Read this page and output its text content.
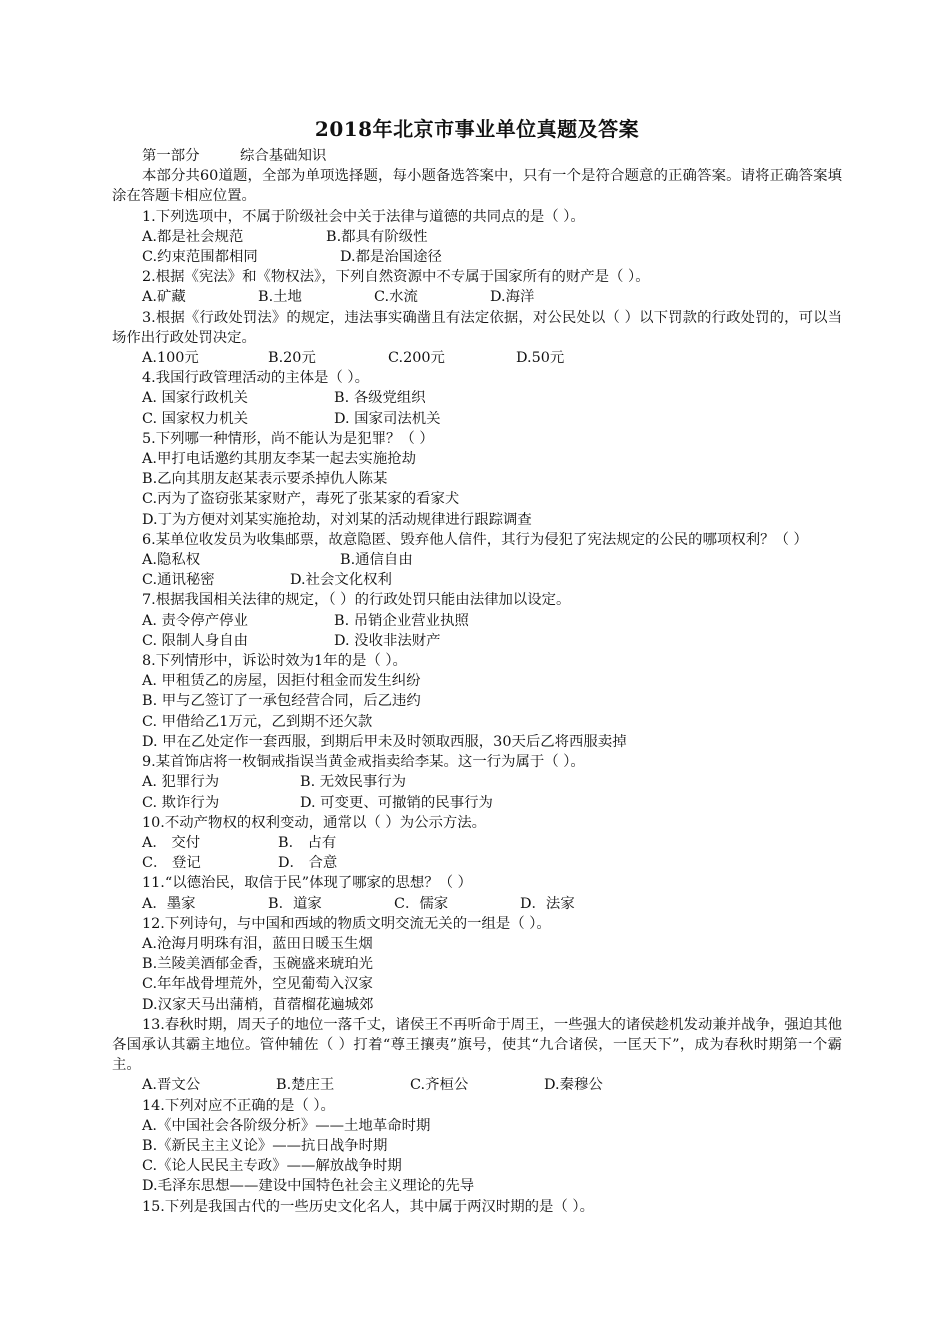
2018年北京市事业单位真题及答案
第一部分	综合基础知识
本部分共60道题，全部为单项选择题，每小题备选答案中，只有一个是符合题意的正确答案。请将正确答案填涂在答题卡相应位置。
1.下列选项中，不属于阶级社会中关于法律与道德的共同点的是（ ）。
A.都是社会规范	B.都具有阶级性
C.约束范围都相同	D.都是治国途径
2.根据《宪法》和《物权法》，下列自然资源中不专属于国家所有的财产是（ ）。
A.矿藏	B.土地	C.水流	D.海洋
3.根据《行政处罚法》的规定，违法事实确凿且有法定依据，对公民处以（ ）以下罚款的行政处罚的，可以当场作出行政处罚决定。
A.100元	B.20元	C.200元	D.50元
4.我国行政管理活动的主体是（ ）。
A. 国家行政机关	B. 各级党组织
C. 国家权力机关	D. 国家司法机关
5.下列哪一种情形，尚不能认为是犯罪？（ ）
A.甲打电话邀约其朋友李某一起去实施抢劫
B.乙向其朋友赵某表示要杀掉仇人陈某
C.丙为了盗窃张某家财产，毒死了张某家的看家犬
D.丁为方便对刘某实施抢劫，对刘某的活动规律进行跟踪调查
6.某单位收发员为收集邮票，故意隐匿、毁弃他人信件，其行为侵犯了宪法规定的公民的哪项权利？（ ）
A.隐私权	B.通信自由
C.通讯秘密	D.社会文化权利
7.根据我国相关法律的规定，（ ）的行政处罚只能由法律加以设定。
A. 责令停产停业	B. 吊销企业营业执照
C. 限制人身自由	D. 没收非法财产
8.下列情形中，诉讼时效为1年的是（ ）。
A. 甲租赁乙的房屋，因拒付租金而发生纠纷
B. 甲与乙签订了一承包经营合同，后乙违约
C. 甲借给乙1万元，乙到期不还欠款
D. 甲在乙处定作一套西服，到期后甲未及时领取西服，30天后乙将西服卖掉
9.某首饰店将一枚铜戒指误当黄金戒指卖给李某。这一行为属于（ ）。
A. 犯罪行为	B. 无效民事行为
C. 欺诈行为	D. 可变更、可撤销的民事行为
10.不动产物权的权利变动，通常以（ ）为公示方法。
A． 交付	B． 占有
C． 登记	D． 合意
11.“以德治民，取信于民”体现了哪家的思想？（ ）
A．墨家	B．道家	C．儒家	D．法家
12.下列诗句，与中国和西域的物质文明交流无关的一组是（ ）。
A.沧海月明珠有泪，蓝田日暖玉生烟
B.兰陵美酒郁金香，玉碗盛来琥珀光
C.年年战骨埋荒外，空见葡萄入汉家
D.汉家天马出蒲梢，苜蓿榴花遍城郊
13.春秋时期，周天子的地位一落千丈，诸侯王不再听命于周王，一些强大的诸侯趁机发动兼并战争，强迫其他各国承认其霸主地位。管仲辅佐（ ）打着“尊王攘夷”旗号，使其“九合诸侯，一匡天下”，成为春秋时期第一个霸主。
A.晋文公	B.楚庄王	C.齐桓公	D.秦穆公
14.下列对应不正确的是（ ）。
A.《中国社会各阶级分析》——土地革命时期
B.《新民主主义论》——抗日战争时期
C.《论人民民主专政》——解放战争时期
D.毛泽东思想——建设中国特色社会主义理论的先导
15.下列是我国古代的一些历史文化名人，其中属于两汉时期的是（ ）。
